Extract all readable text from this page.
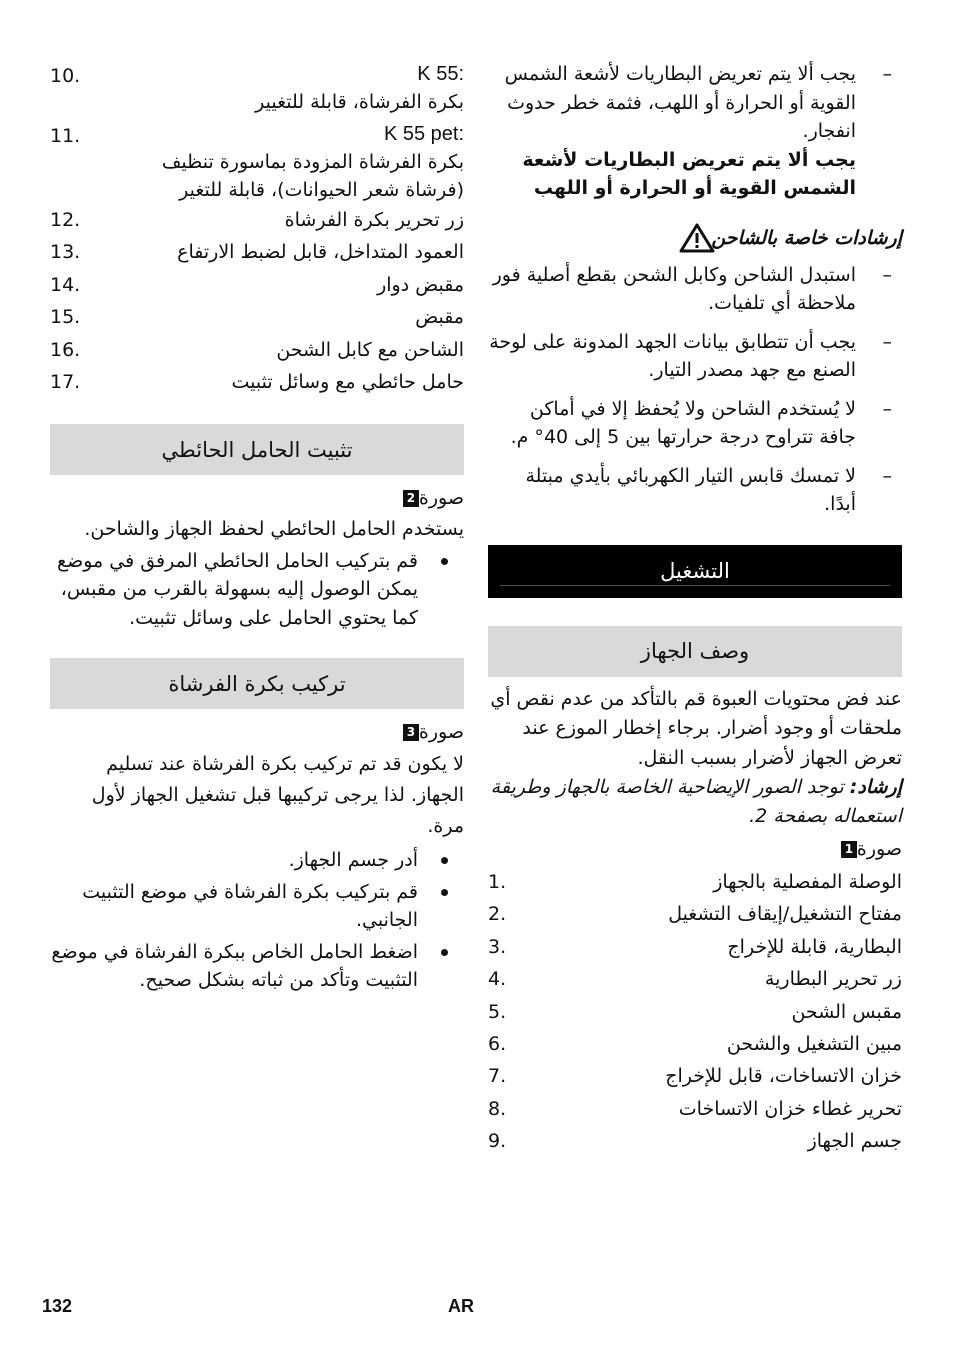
– يجب ألا يتم تعريض البطاريات لأشعة الشمس القوية أو الحرارة أو اللهب، فثمة خطر حدوث انفجار.
يجب ألا يتم تعريض البطاريات لأشعة الشمس القوية أو الحرارة أو اللهب
إرشادات خاصة بالشاحن
– استبدل الشاحن وكابل الشحن بقطع أصلية فور ملاحظة أي تلفيات.
– يجب أن تتطابق بيانات الجهد المدونة على لوحة الصنع مع جهد مصدر التيار.
– لا يُستخدم الشاحن ولا يُحفظ إلا في أماكن جافة تتراوح درجة حرارتها بين 5 إلى 40° م.
– لا تمسك قابس التيار الكهربائي بأيدي مبتلة أبدًا.
التشغيل
وصف الجهاز

عند فض محتويات العبوة قم بالتأكد من عدم نقص أي ملحقات أو وجود أضرار. برجاء إخطار الموزع عند تعرض الجهاز لأضرار بسبب النقل.

إرشاد: توجد الصور الإيضاحية الخاصة بالجهاز وطريقة استعماله بصفحة 2.

صورة
1
الوصلة المفصلية بالجهاز
1.
مفتاح التشغيل/إيقاف التشغيل
2.
البطارية، قابلة للإخراج
3.
زر تحرير البطارية
4.
مقبس الشحن
5.
مبين التشغيل والشحن
6.
خزان الاتساخات، قابل للإخراج
7.
تحرير غطاء خزان الاتساخات
8.
جسم الجهاز
9.
K 55:
بكرة الفرشاة، قابلة للتغيير
10.
K 55 pet:
بكرة الفرشاة المزودة بماسورة تنظيف (فرشاة شعر الحيوانات)، قابلة للتغير
11.
زر تحرير بكرة الفرشاة
12.
العمود المتداخل، قابل لضبط الارتفاع
13.
مقبض دوار
14.
مقبض
15.
الشاحن مع كابل الشحن
16.
حامل حائطي مع وسائل تثبيت
17.
تثبيت الحامل الحائطي
صورة
2

يستخدم الحامل الحائطي لحفظ الجهاز والشاحن.

قم بتركيب الحامل الحائطي المرفق في موضع يمكن الوصول إليه بسهولة بالقرب من مقبس، كما يحتوي الحامل على وسائل تثبيت.
تركيب بكرة الفرشاة
صورة
3

لا يكون قد تم تركيب بكرة الفرشاة عند تسليم الجهاز. لذا يرجى تركيبها قبل تشغيل الجهاز لأول مرة.

أدر جسم الجهاز.
قم بتركيب بكرة الفرشاة في موضع التثبيت الجانبي.
اضغط الحامل الخاص ببكرة الفرشاة في موضع التثبيت وتأكد من ثباته بشكل صحيح.
132	AR
